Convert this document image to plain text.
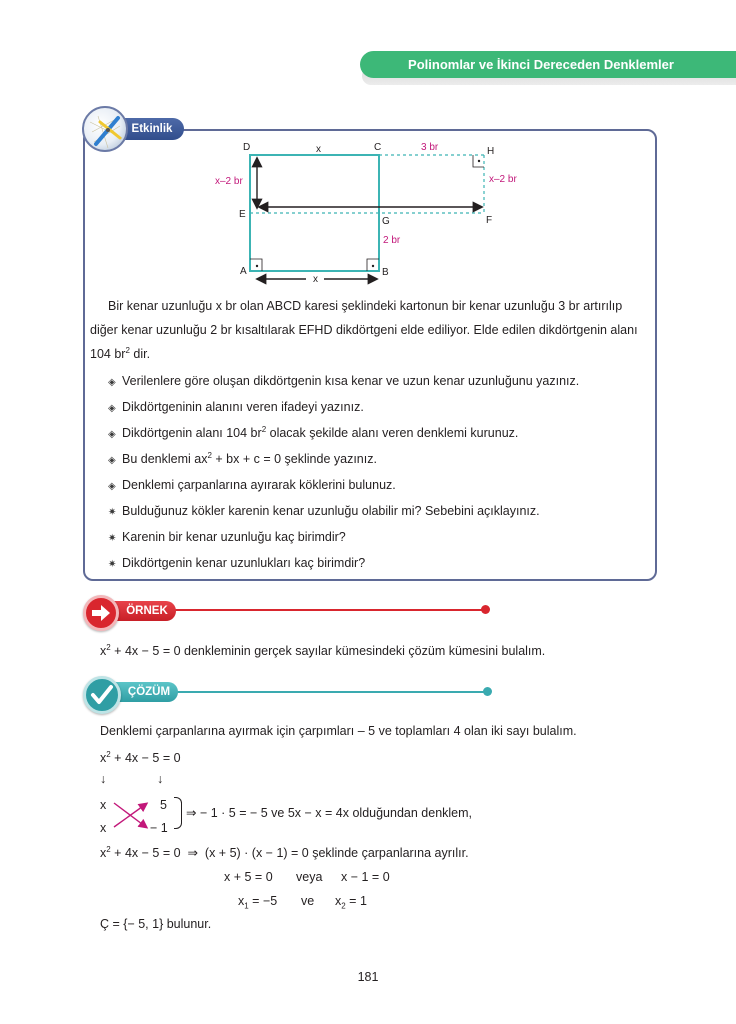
Polinomlar ve İkinci Dereceden Denklemler
Etkinlik
D	x	C	H
E
G	F
A	B
x
3 br
x–2 br	x–2 br
2 br
Bir kenar uzunluğu x br olan ABCD karesi şeklindeki kartonun bir kenar uzunluğu 3 br artırılıp
diğer kenar uzunluğu 2 br kısaltılarak EFHD dikdörtgeni elde ediliyor. Elde edilen dikdörtgenin alanı
104 $br^2$ dir.
◈ Verilenlere göre oluşan dikdörtgenin kısa kenar ve uzun kenar uzunluğunu yazınız.
◈ Dikdörtgeninin alanını veren ifadeyi yazınız.
◈ Dikdörtgenin alanı 104 $br^2$ olacak şekilde alanı veren denklemi kurunuz.
◈ Bu denklemi $ax^2$ + bx + c = 0 şeklinde yazınız.
◈ Denklemi çarpanlarına ayırarak köklerini bulunuz.
✷ Bulduğunuz kökler karenin kenar uzunluğu olabilir mi? Sebebini açıklayınız.
✷ Karenin bir kenar uzunluğu kaç birimdir?
✷ Dikdörtgenin kenar uzunlukları kaç birimdir?
ÖRNEK
$x^2 + 4x - 5 = 0$ denkleminin gerçek sayılar kümesindeki çözüm kümesini bulalım.
ÇÖZÜM
Denklemi çarpanlarına ayırmak için çarpımları – 5 ve toplamları 4 olan iki sayı bulalım.
$x^2 + 4x - 5 = 0$
↓	↓
x
x
5
− 1
⇒ − 1 · 5 = − 5 ve 5x − x = 4x olduğundan denklem,
$x^2 + 4x - 5 = 0$  ⇒  (x + 5) · (x − 1) = 0 şeklinde çarpanlarına ayrılır.
x + 5 = 0 veya x − 1 = 0
$x_1 = -5$ ve $x_2 = 1$
Ç = {− 5, 1} bulunur.
181
